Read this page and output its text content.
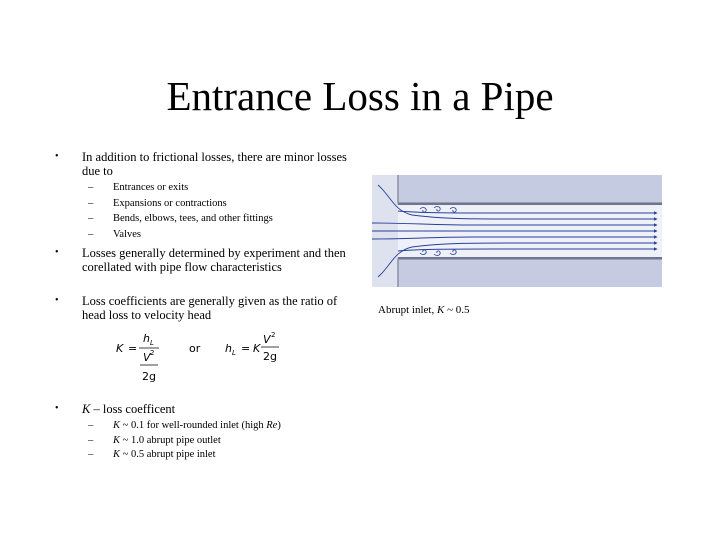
Entrance Loss in a Pipe
• In addition to frictional losses, there are minor losses due to
– Entrances or exits
– Expansions or contractions
– Bends, elbows, tees, and other fittings
– Valves
• Losses generally determined by experiment and then corellated with pipe flow characteristics
• Loss coefficients are generally given as the ratio of head loss to velocity head
K =
h L
V 2
2g
or h L = K
V 2
2g
• K – loss coefficent
– K ~ 0.1 for well-rounded inlet (high Re)
– K ~ 1.0 abrupt pipe outlet
– K ~ 0.5 abrupt pipe inlet
Abrupt inlet, K ~ 0.5
